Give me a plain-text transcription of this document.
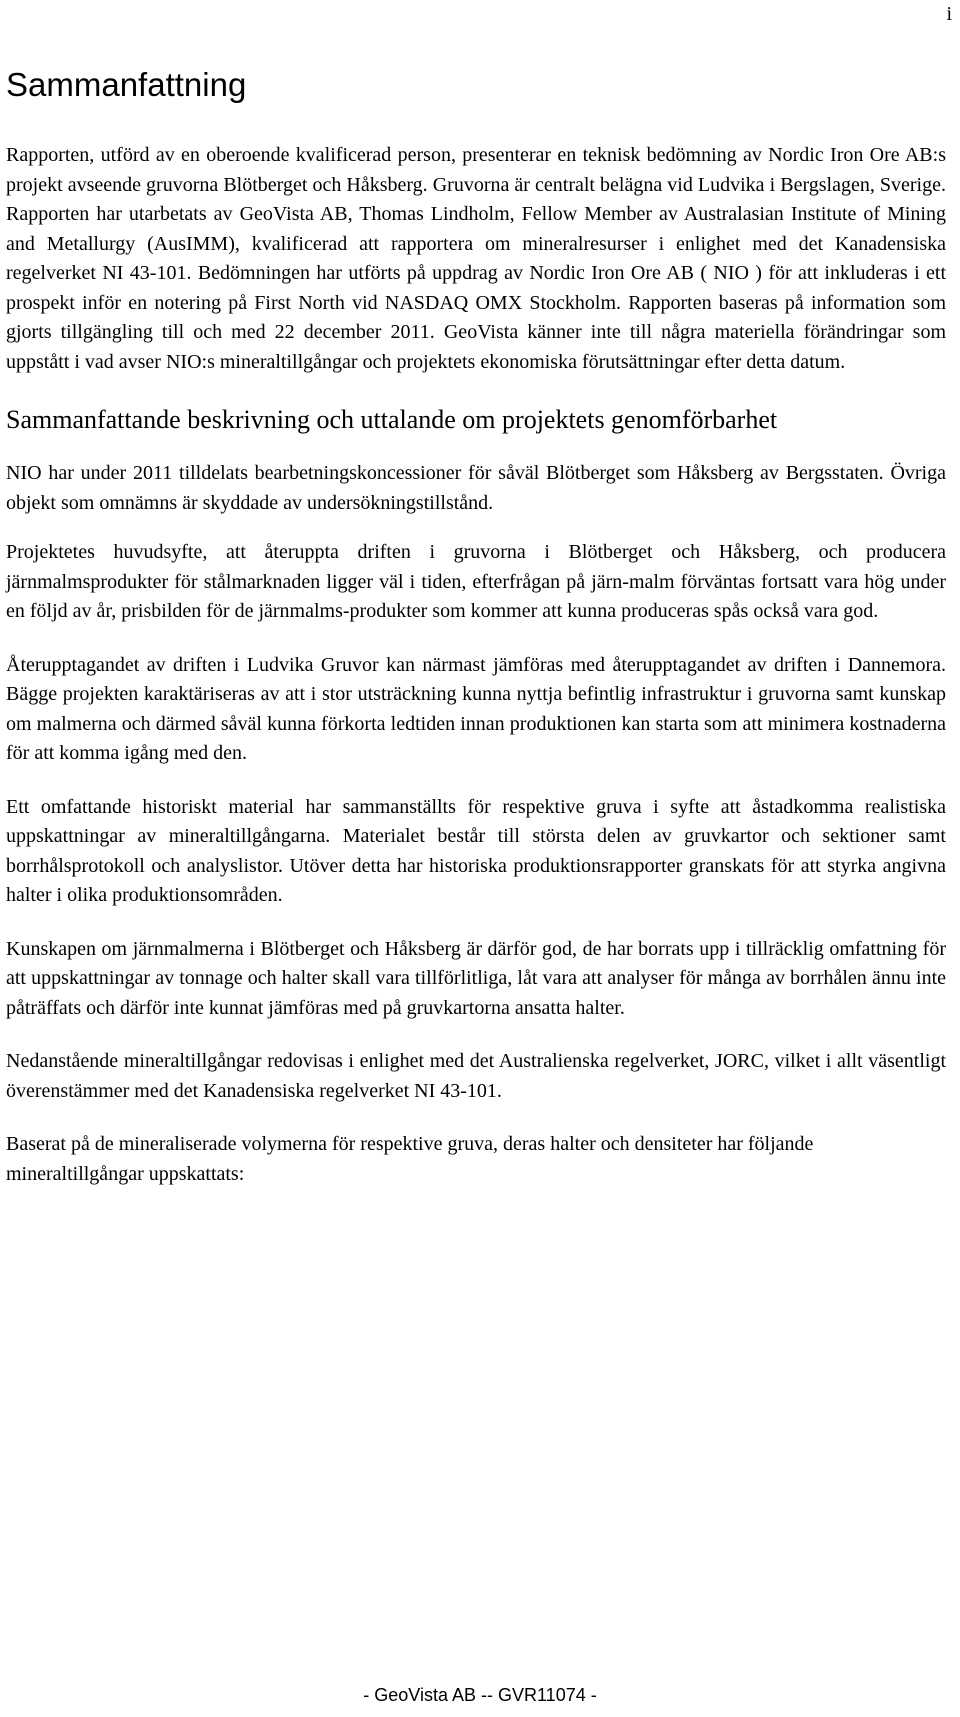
i
Sammanfattning

Rapporten, utförd av en oberoende kvalificerad person, presenterar en teknisk bedömning av Nordic Iron Ore AB:s projekt avseende gruvorna Blötberget och Håksberg. Gruvorna är centralt belägna vid Ludvika i Bergslagen, Sverige. Rapporten har utarbetats av GeoVista AB, Thomas Lindholm, Fellow Member av Australasian Institute of Mining and Metallurgy (AusIMM), kvalificerad att rapportera om mineralresurser i enlighet med det Kanadensiska regelverket NI 43-101. Bedömningen har utförts på uppdrag av Nordic Iron Ore AB ( NIO ) för att inkluderas i ett prospekt inför en notering på First North vid NASDAQ OMX Stockholm. Rapporten baseras på information som gjorts tillgängling till och med 22 december 2011. GeoVista känner inte till några materiella förändringar som uppstått i vad avser NIO:s mineraltillgångar och projektets ekonomiska förutsättningar efter detta datum.

Sammanfattande beskrivning och uttalande om projektets genomförbarhet

NIO har under 2011 tilldelats bearbetningskoncessioner för såväl Blötberget som Håksberg av Bergsstaten. Övriga objekt som omnämns är skyddade av undersökningstillstånd.

Projektetes huvudsyfte, att återuppta driften i gruvorna i Blötberget och Håksberg, och producera järnmalmsprodukter för stålmarknaden ligger väl i tiden, efterfrågan på järn-malm förväntas fortsatt vara hög under en följd av år, prisbilden för de järnmalms-produkter som kommer att kunna produceras spås också vara god.

Återupptagandet av driften i Ludvika Gruvor kan närmast jämföras med återupptagandet av driften i Dannemora. Bägge projekten karaktäriseras av att i stor utsträckning kunna nyttja befintlig infrastruktur i gruvorna samt kunskap om malmerna och därmed såväl kunna förkorta ledtiden innan produktionen kan starta som att minimera kostnaderna för att komma igång med den.

Ett omfattande historiskt material har sammanställts för respektive gruva i syfte att åstadkomma realistiska uppskattningar av mineraltillgångarna. Materialet består till största delen av gruvkartor och sektioner samt borrhålsprotokoll och analyslistor. Utöver detta har historiska produktionsrapporter granskats för att styrka angivna halter i olika produktionsområden.

Kunskapen om järnmalmerna i Blötberget och Håksberg är därför god, de har borrats upp i tillräcklig omfattning för att uppskattningar av tonnage och halter skall vara tillförlitliga, låt vara att analyser för många av borrhålen ännu inte påträffats och därför inte kunnat jämföras med på gruvkartorna ansatta halter.

Nedanstående mineraltillgångar redovisas i enlighet med det Australienska regelverket, JORC, vilket i allt väsentligt överenstämmer med det Kanadensiska regelverket NI 43-101.

Baserat på de mineraliserade volymerna för respektive gruva, deras halter och densiteter har följande mineraltillgångar uppskattats:

- GeoVista AB -- GVR11074 -
